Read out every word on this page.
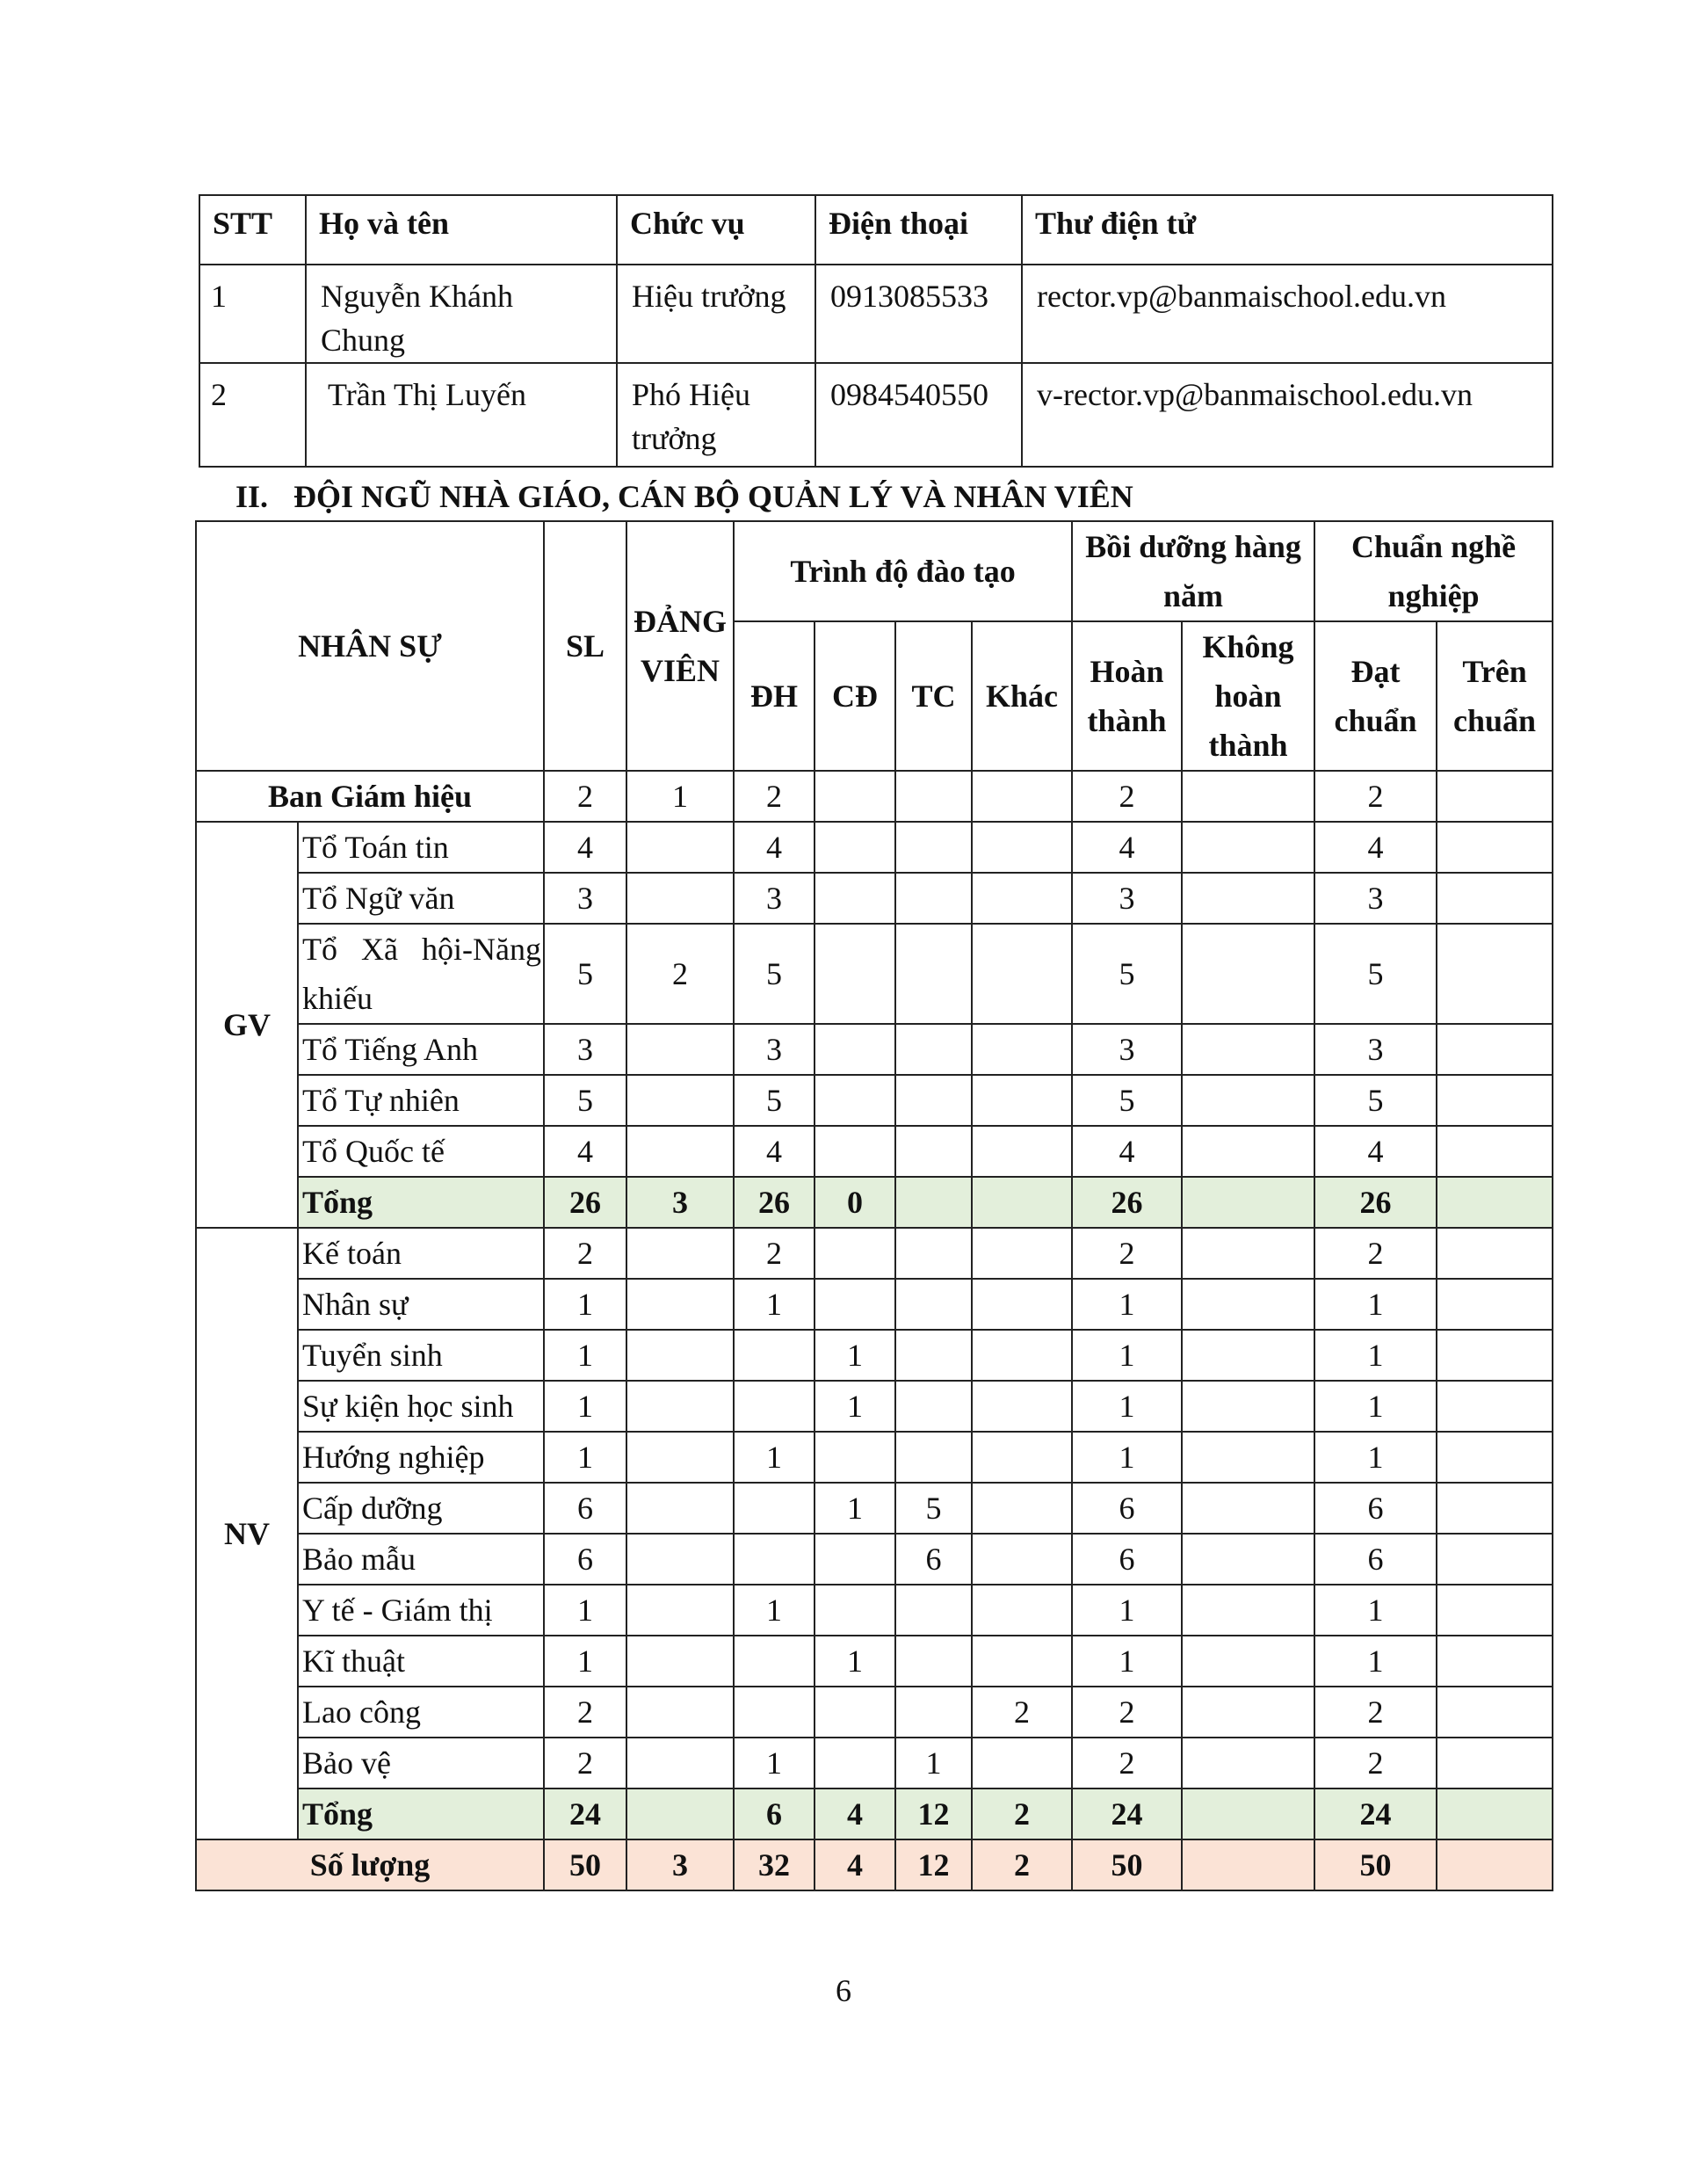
STT	Họ và tên	Chức vụ	Điện thoại	Thư điện tử
1	Nguyễn Khánh Chung	Hiệu trưởng	0913085533	rector.vp@banmaischool.edu.vn
2	Trần Thị Luyến	Phó Hiệu trưởng	0984540550	v-rector.vp@banmaischool.edu.vn
II. ĐỘI NGŨ NHÀ GIÁO, CÁN BỘ QUẢN LÝ VÀ NHÂN VIÊN
NHÂN SỰ		SL	ĐẢNG VIÊN	Trình độ đào tạo				Bồi dưỡng hàng năm		Chuẩn nghề nghiệp	
				ĐH	CĐ	TC	Khác	Hoàn thành	Không hoàn thành	Đạt chuẩn	Trên chuẩn
Ban Giám hiệu		2	1	2				2		2	
GV	Tổ Toán tin	4		4				4		4	
	Tổ Ngữ văn	3		3				3		3	
	Tổ Xã hội-Năng khiếu	5	2	5				5		5	
	Tổ Tiếng Anh	3		3				3		3	
	Tổ Tự nhiên	5		5				5		5	
	Tổ Quốc tế	4		4				4		4	
	Tổng	26	3	26	0			26		26	
NV	Kế toán	2		2				2		2	
	Nhân sự	1		1				1		1	
	Tuyển sinh	1			1			1		1	
	Sự kiện học sinh	1			1			1		1	
	Hướng nghiệp	1		1				1		1	
	Cấp dưỡng	6			1	5		6		6	
	Bảo mẫu	6				6		6		6	
	Y tế - Giám thị	1		1				1		1	
	Kĩ thuật	1			1			1		1	
	Lao công	2					2	2		2	
	Bảo vệ	2		1		1		2		2	
	Tổng	24		6	4	12	2	24		24	
Số lượng		50	3	32	4	12	2	50		50	
6
